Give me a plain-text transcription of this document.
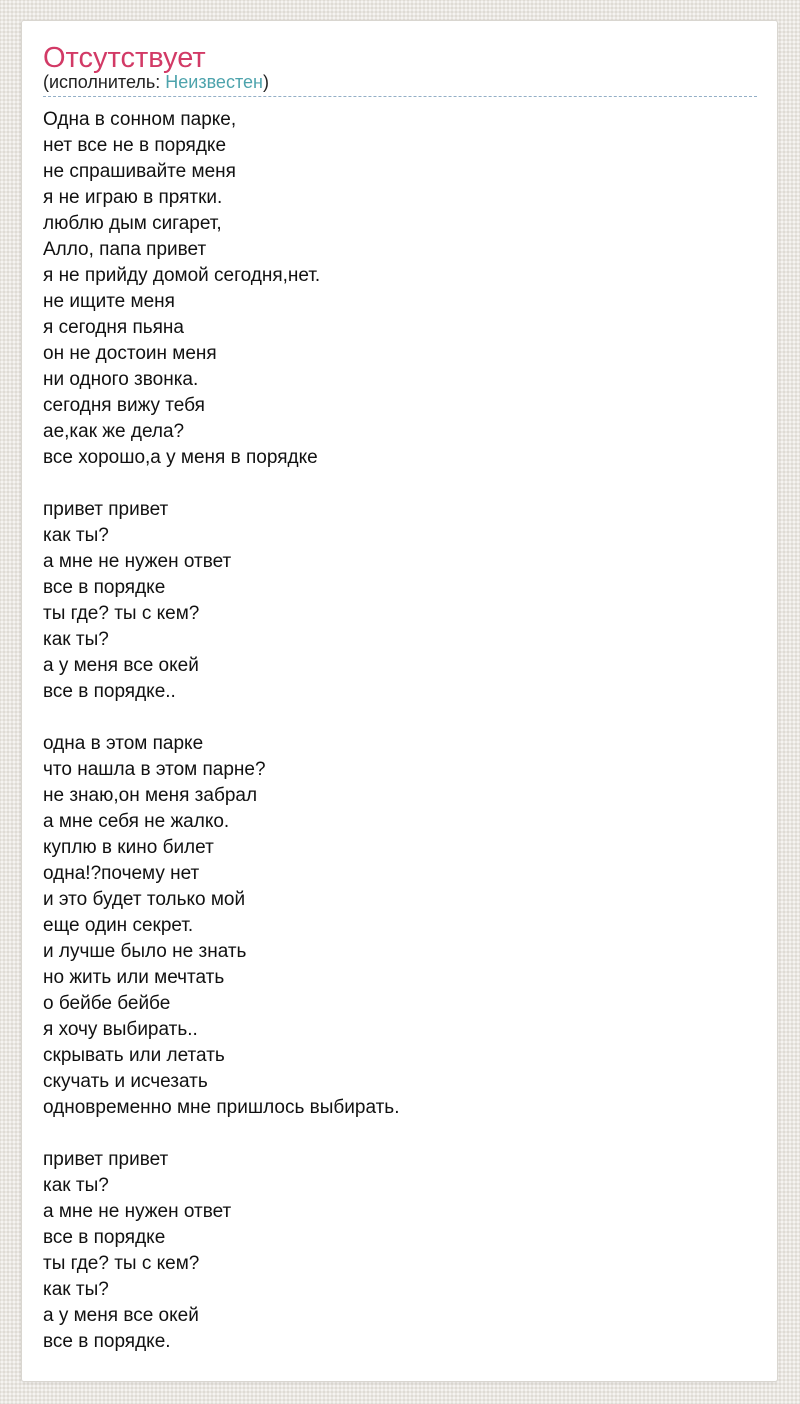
Отсутствует
(исполнитель: Неизвестен)
Одна в сонном парке,
нет все не в порядке
не спрашивайте меня
я не играю в прятки.
люблю дым сигарет,
Алло, папа привет
я не прийду домой сегодня,нет.
не ищите меня
я сегодня пьяна
он не достоин меня
ни одного звонка.
сегодня вижу тебя
ае,как же дела?
все хорошо,а у меня в порядке
привет привет
как ты?
а мне не нужен ответ
все в порядке
ты где? ты с кем?
как ты?
а у меня все окей
все в порядке..
одна в этом парке
что нашла в этом парне?
не знаю,он меня забрал
а мне себя не жалко.
куплю в кино билет
одна!?почему нет
и это будет только мой
еще один секрет.
и лучше было не знать
но жить или мечтать
о бейбе бейбе
я хочу выбирать..
скрывать или летать
скучать и исчезать
одновременно мне пришлось выбирать.
привет привет
как ты?
а мне не нужен ответ
все в порядке
ты где? ты с кем?
как ты?
а у меня все окей
все в порядке.
